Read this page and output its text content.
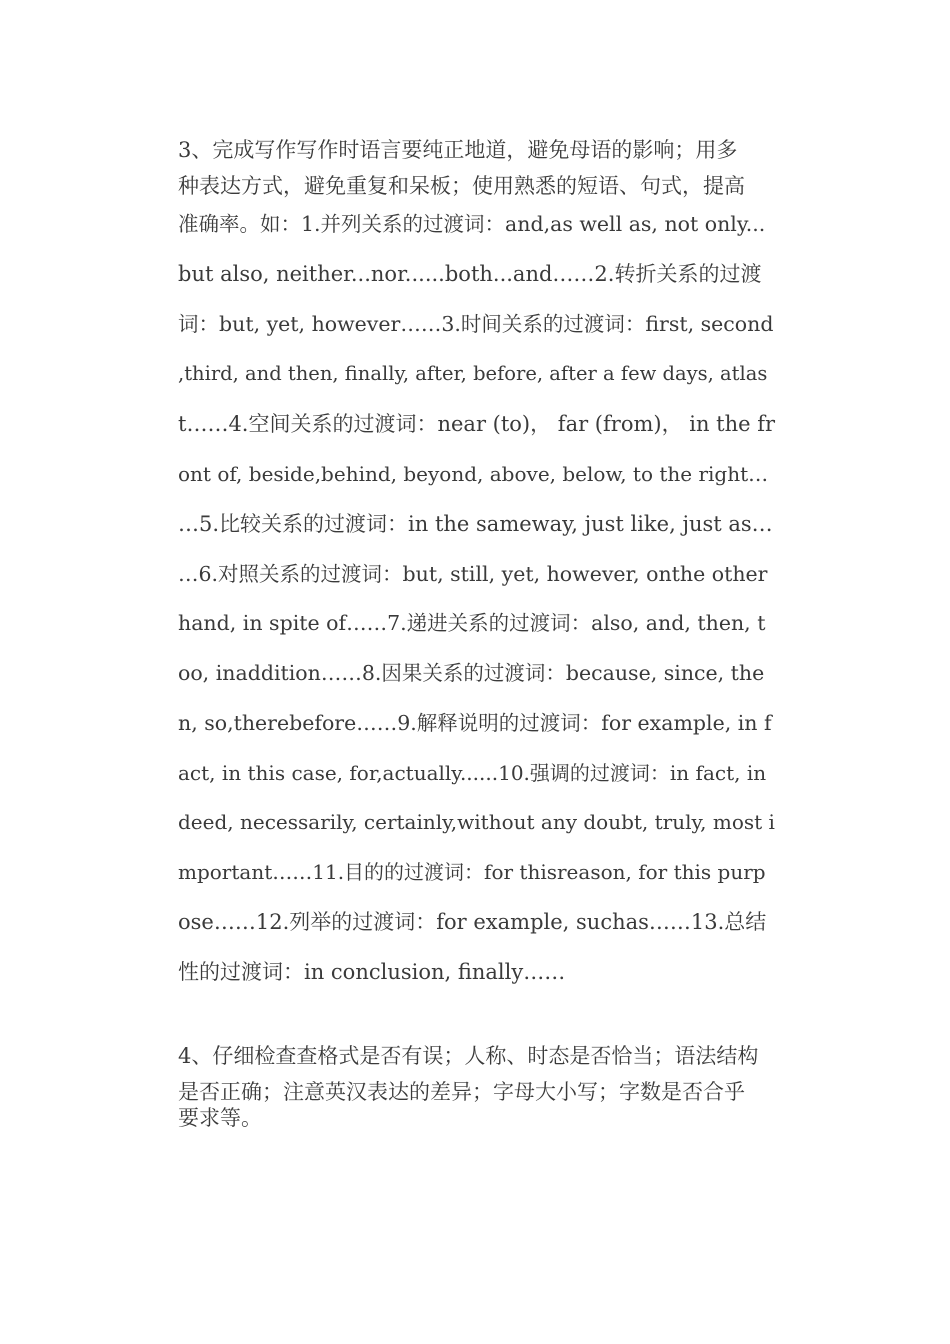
3、完成写作写作时语言要纯正地道，避免母语的影响；用多
种表达方式，避免重复和呆板；使用熟悉的短语、句式，提高
准确率。如：1.并列关系的过渡词：and,as well as, not only...
but also, neither...nor......both...and……2.转折关系的过渡
词：but, yet, however……3.时间关系的过渡词：first, second
,third, and then, finally, after, before, after a few days, atlas
t……4.空间关系的过渡词：near (to)， far (from)， in the fr
ont of, beside,behind, beyond, above, below, to the right…
…5.比较关系的过渡词：in the sameway, just like, just as…
…6.对照关系的过渡词：but, still, yet, however, onthe other
hand, in spite of……7.递进关系的过渡词：also, and, then, t
oo, inaddition……8.因果关系的过渡词：because, since, the
n, so,therebefore……9.解释说明的过渡词：for example, in f
act, in this case, for,actually......10.强调的过渡词：in fact, in
deed, necessarily, certainly,without any doubt, truly, most i
mportant……11.目的的过渡词：for thisreason, for this purp
ose……12.列举的过渡词：for example, suchas……13.总结
性的过渡词：in conclusion, finally……
4、仔细检查查格式是否有误；人称、时态是否恰当；语法结构
是否正确；注意英汉表达的差异；字母大小写；字数是否合乎
要求等。
